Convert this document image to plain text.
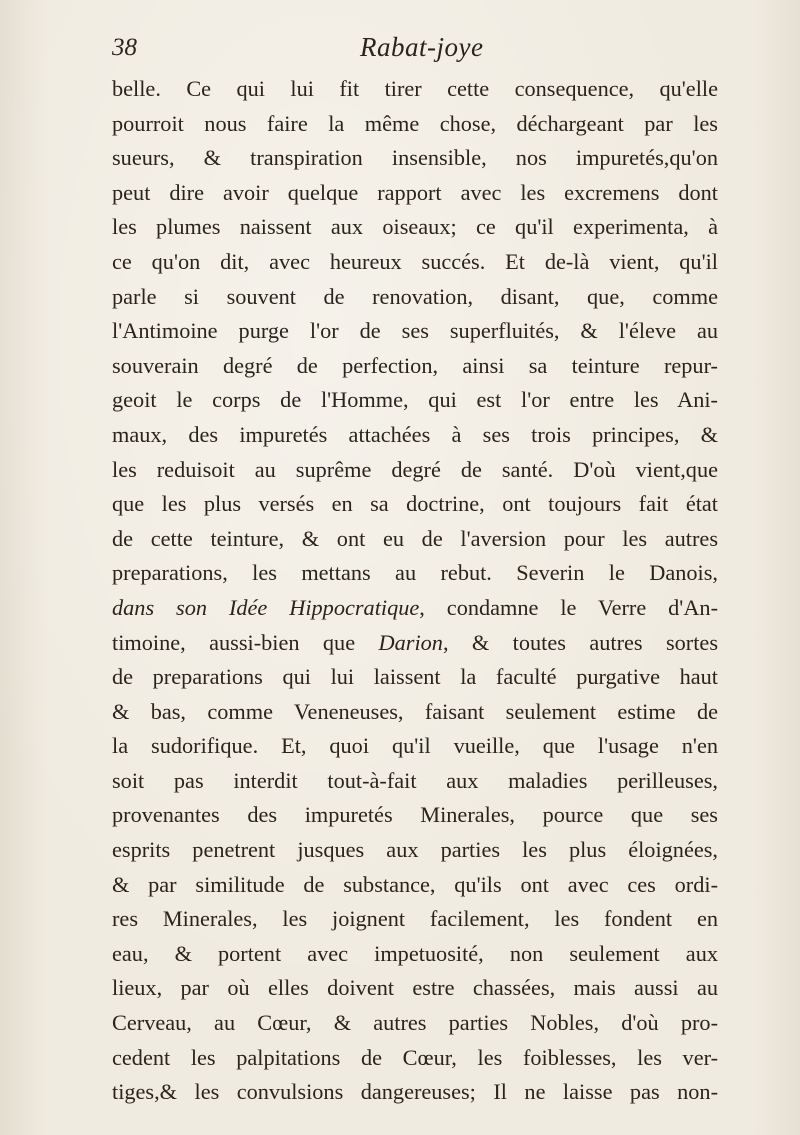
38	Rabat-joye
belle. Ce qui lui fit tirer cette consequence, qu'elle
pourroit nous faire la même chose, déchargeant par les
sueurs, & transpiration insensible, nos impuretés,qu'on
peut dire avoir quelque rapport avec les excremens dont
les plumes naissent aux oiseaux; ce qu'il experimenta, à
ce qu'on dit, avec heureux succés. Et de-là vient, qu'il
parle si souvent de renovation, disant, que, comme
l'Antimoine purge l'or de ses superfluités, & l'éleve au
souverain degré de perfection, ainsi sa teinture repur-
geoit le corps de l'Homme, qui est l'or entre les Ani-
maux, des impuretés attachées à ses trois principes, &
les reduisoit au suprême degré de santé. D'où vient,que
que les plus versés en sa doctrine, ont toujours fait état
de cette teinture, & ont eu de l'aversion pour les autres
preparations, les mettans au rebut. Severin le Danois,
dans son Idée Hippocratique, condamne le Verre d'An-
timoine, aussi-bien que Darion, & toutes autres sortes
de preparations qui lui laissent la faculté purgative haut
& bas, comme Veneneuses, faisant seulement estime de
la sudorifique. Et, quoi qu'il vueille, que l'usage n'en
soit pas interdit tout-à-fait aux maladies perilleuses,
provenantes des impuretés Minerales, pource que ses
esprits penetrent jusques aux parties les plus éloignées,
& par similitude de substance, qu'ils ont avec ces ordi-
res Minerales, les joignent facilement, les fondent en
eau, & portent avec impetuosité, non seulement aux
lieux, par où elles doivent estre chassées, mais aussi au
Cerveau, au Cœur, & autres parties Nobles, d'où pro-
cedent les palpitations de Cœur, les foiblesses, les ver-
tiges,& les convulsions dangereuses; Il ne laisse pas non-
